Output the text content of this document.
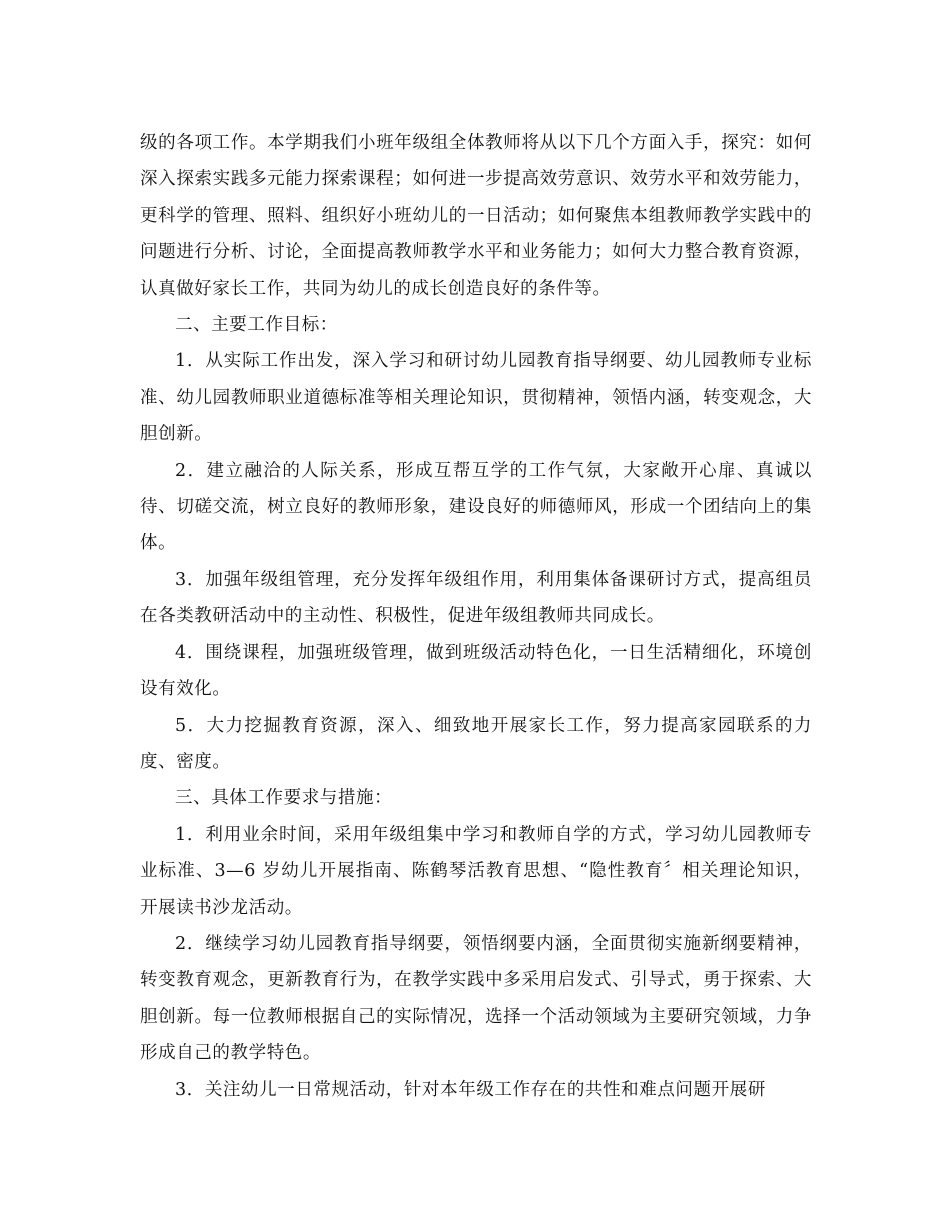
级的各项工作。本学期我们小班年级组全体教师将从以下几个方面入手，探究：如何深入探索实践多元能力探索课程；如何进一步提高效劳意识、效劳水平和效劳能力，更科学的管理、照料、组织好小班幼儿的一日活动；如何聚焦本组教师教学实践中的问题进行分析、讨论，全面提高教师教学水平和业务能力；如何大力整合教育资源，认真做好家长工作，共同为幼儿的成长创造良好的条件等。

二、主要工作目标：

1．从实际工作出发，深入学习和研讨幼儿园教育指导纲要、幼儿园教师专业标准、幼儿园教师职业道德标准等相关理论知识，贯彻精神，领悟内涵，转变观念，大胆创新。

2．建立融洽的人际关系，形成互帮互学的工作气氛，大家敞开心扉、真诚以待、切磋交流，树立良好的教师形象，建设良好的师德师风，形成一个团结向上的集体。

3．加强年级组管理，充分发挥年级组作用，利用集体备课研讨方式，提高组员在各类教研活动中的主动性、积极性，促进年级组教师共同成长。

4．围绕课程，加强班级管理，做到班级活动特色化，一日生活精细化，环境创设有效化。

5．大力挖掘教育资源，深入、细致地开展家长工作，努力提高家园联系的力度、密度。

三、具体工作要求与措施：

1．利用业余时间，采用年级组集中学习和教师自学的方式，学习幼儿园教师专业标准、3—6 岁幼儿开展指南、陈鹤琴活教育思想、“隐性教育〞相关理论知识，开展读书沙龙活动。

2．继续学习幼儿园教育指导纲要，领悟纲要内涵，全面贯彻实施新纲要精神，转变教育观念，更新教育行为，在教学实践中多采用启发式、引导式，勇于探索、大胆创新。每一位教师根据自己的实际情况，选择一个活动领域为主要研究领域，力争形成自己的教学特色。

3．关注幼儿一日常规活动，针对本年级工作存在的共性和难点问题开展研
